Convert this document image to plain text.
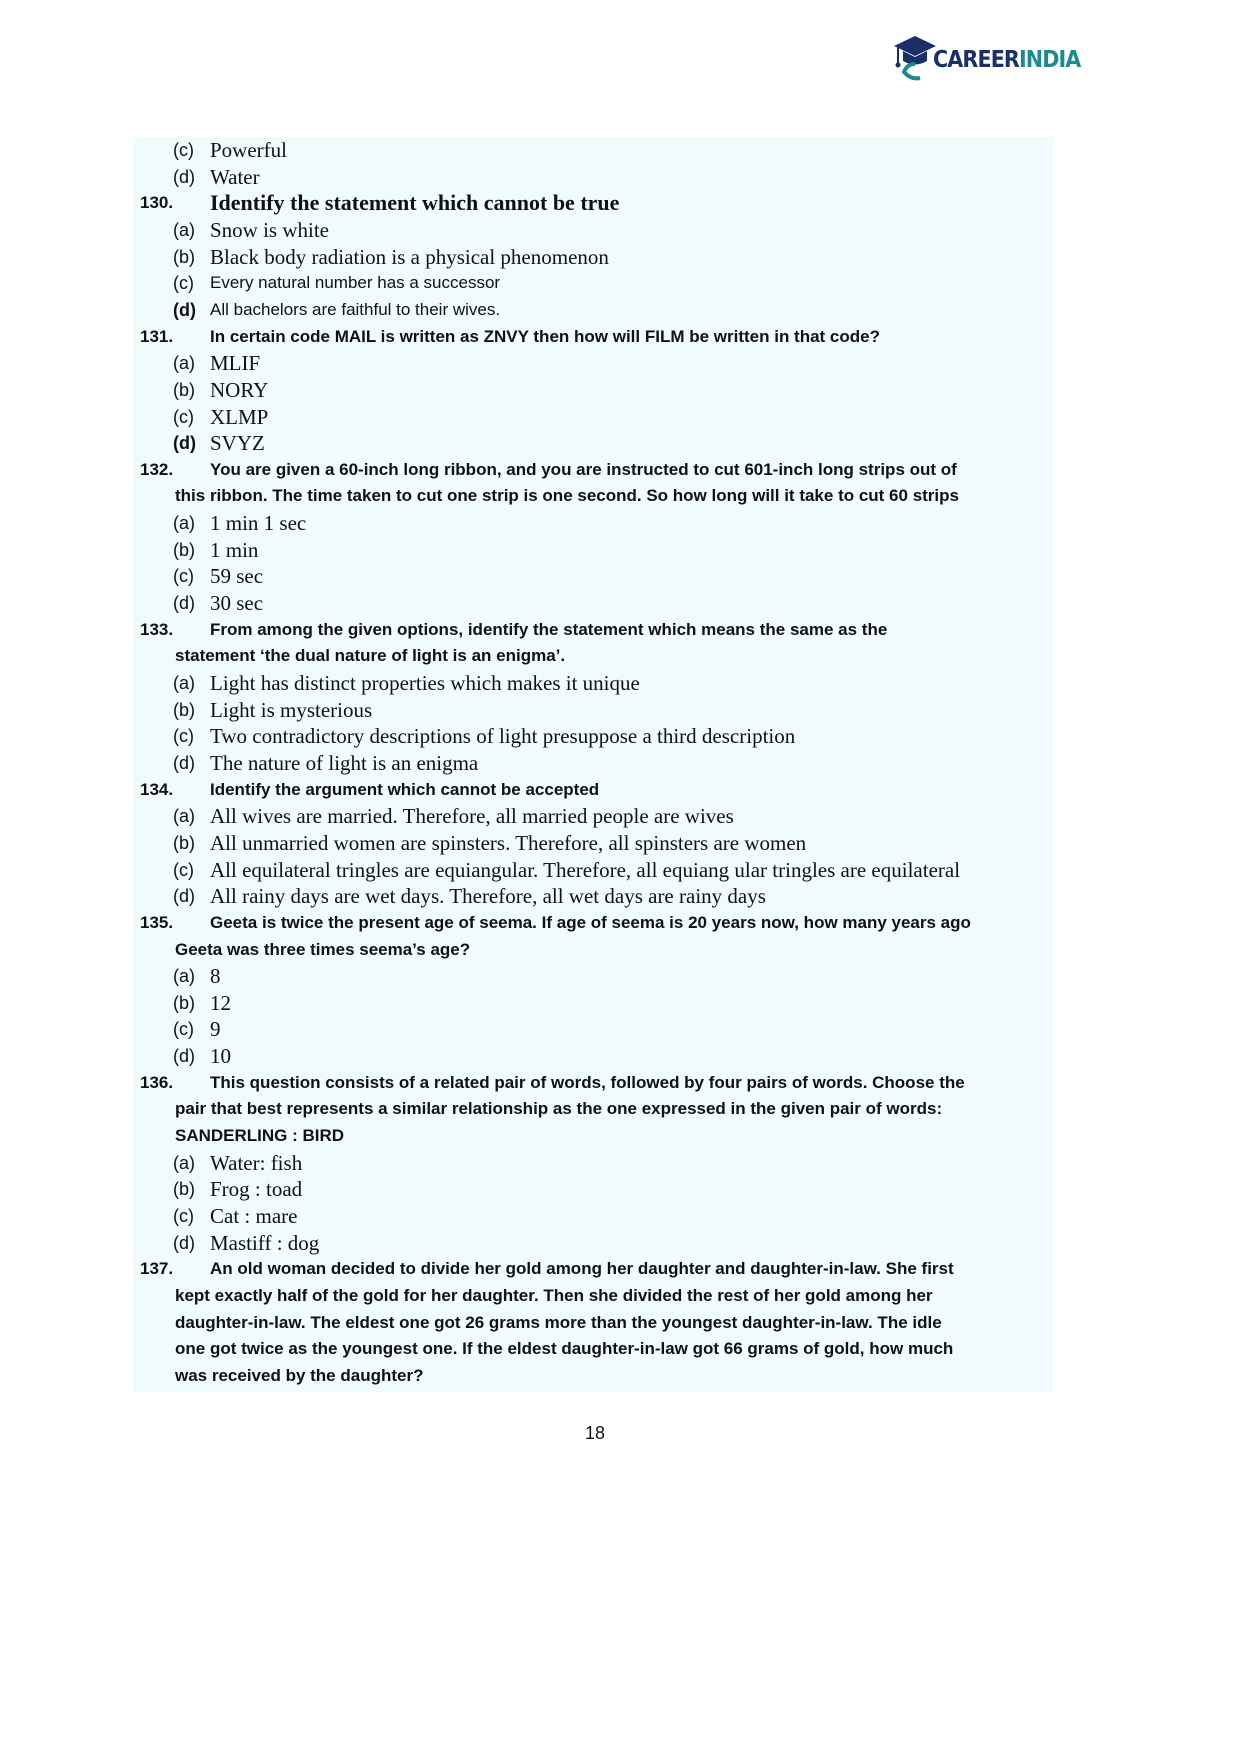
CAREERINDIA
(c) Powerful
(d) Water
130. Identify the statement which cannot be true
(a) Snow is white
(b) Black body radiation is a physical phenomenon
(c) Every natural number has a successor
(d) All bachelors are faithful to their wives.
131. In certain code MAIL is written as ZNVY then how will FILM be written in that code?
(a) MLIF
(b) NORY
(c) XLMP
(d) SVYZ
132. You are given a 60-inch long ribbon, and you are instructed to cut 601-inch long strips out of
this ribbon. The time taken to cut one strip is one second. So how long will it take to cut 60 strips
(a) 1 min 1 sec
(b) 1 min
(c) 59 sec
(d) 30 sec
133. From among the given options, identify the statement which means the same as the
statement ‘the dual nature of light is an enigma’.
(a) Light has distinct properties which makes it unique
(b) Light is mysterious
(c) Two contradictory descriptions of light presuppose a third description
(d) The nature of light is an enigma
134. Identify the argument which cannot be accepted
(a) All wives are married. Therefore, all married people are wives
(b) All unmarried women are spinsters. Therefore, all spinsters are women
(c) All equilateral tringles are equiangular. Therefore, all equiang ular tringles are equilateral
(d) All rainy days are wet days. Therefore, all wet days are rainy days
135. Geeta is twice the present age of seema. If age of seema is 20 years now, how many years ago
Geeta was three times seema’s age?
(a) 8
(b) 12
(c) 9
(d) 10
136. This question consists of a related pair of words, followed by four pairs of words. Choose the
pair that best represents a similar relationship as the one expressed in the given pair of words:
SANDERLING : BIRD
(a) Water: fish
(b) Frog : toad
(c) Cat : mare
(d) Mastiff : dog
137. An old woman decided to divide her gold among her daughter and daughter-in-law. She first
kept exactly half of the gold for her daughter. Then she divided the rest of her gold among her
daughter-in-law. The eldest one got 26 grams more than the youngest daughter-in-law. The idle
one got twice as the youngest one. If the eldest daughter-in-law got 66 grams of gold, how much
was received by the daughter?
18
